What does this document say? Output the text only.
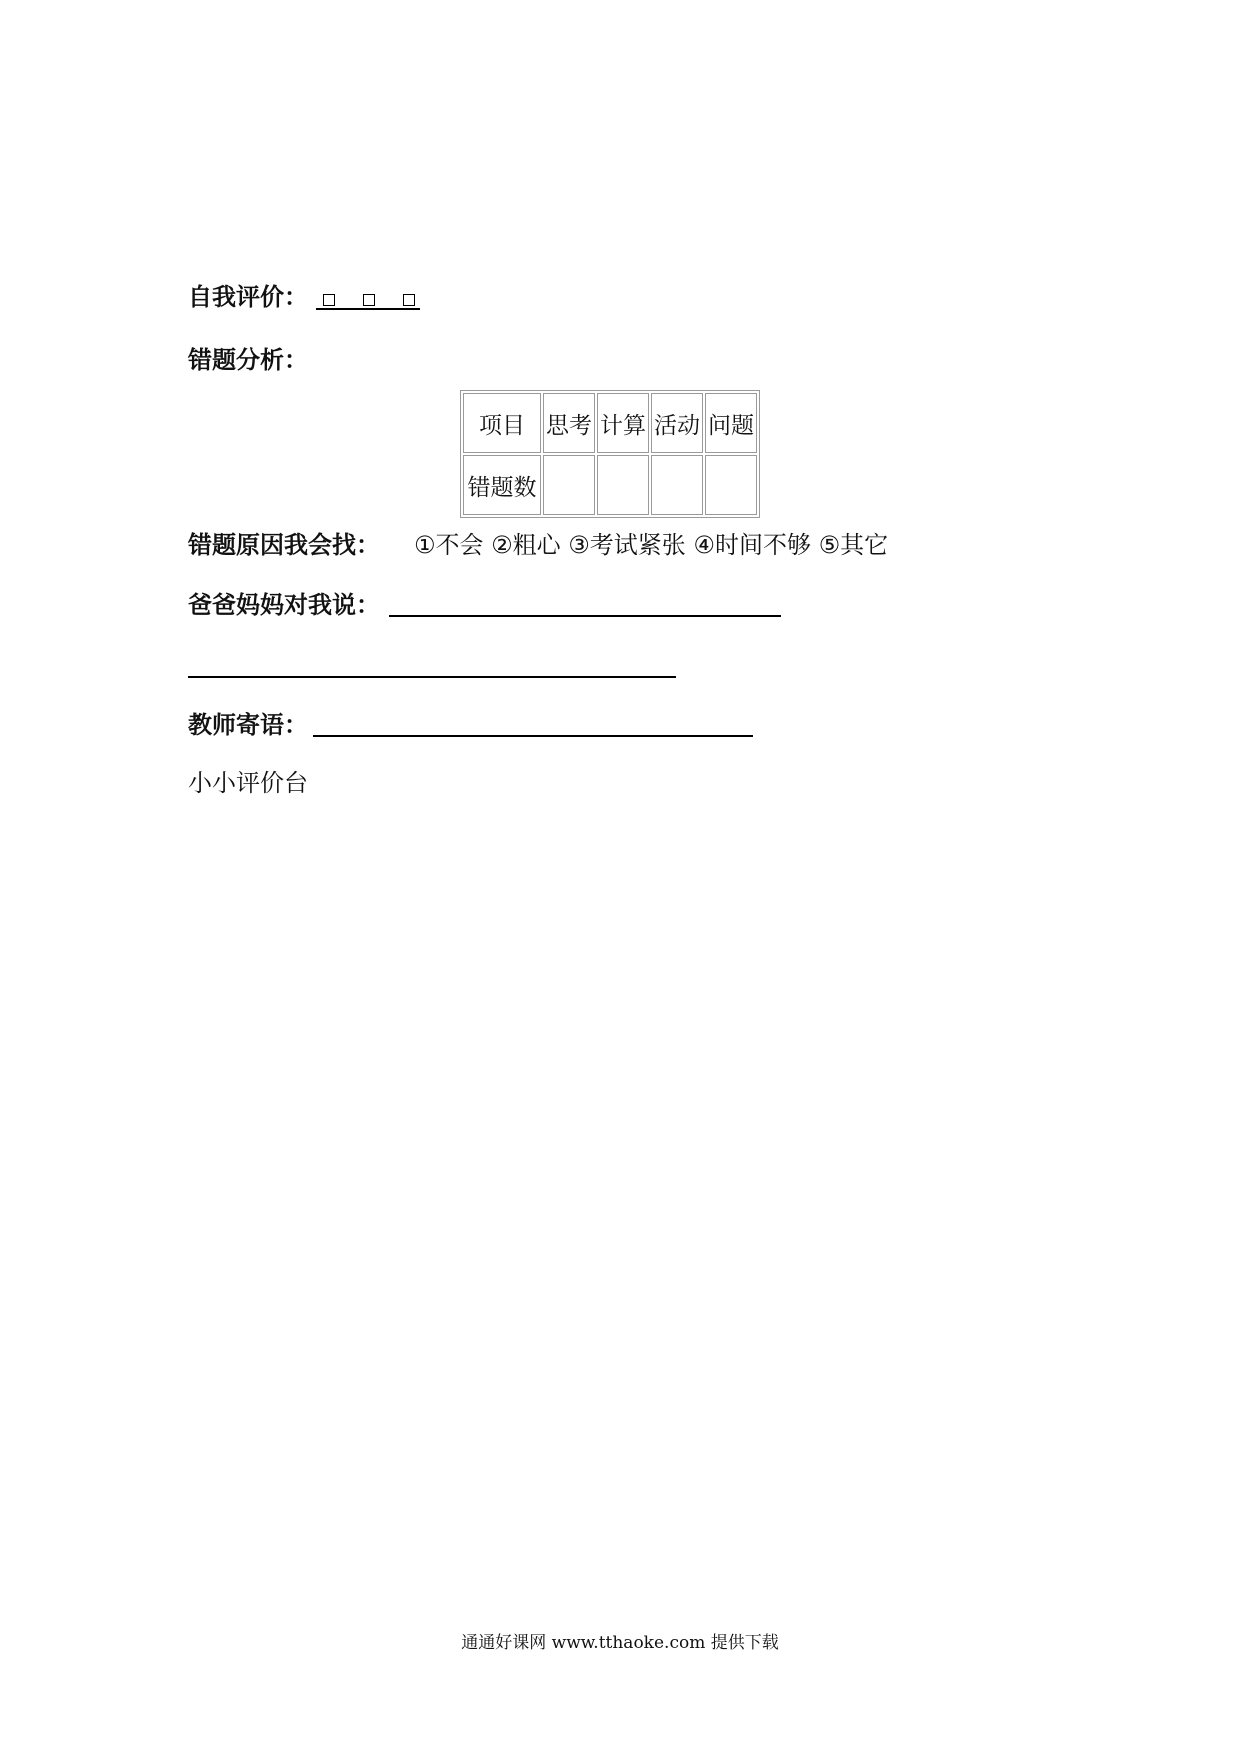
自我评价：
错题分析：
项目	思考	计算	活动	问题
错题数				
错题原因我会找： ①不会 ②粗心 ③考试紧张 ④时间不够 ⑤其它
爸爸妈妈对我说：
教师寄语：
小小评价台
通通好课网 www.tthaoke.com 提供下载
